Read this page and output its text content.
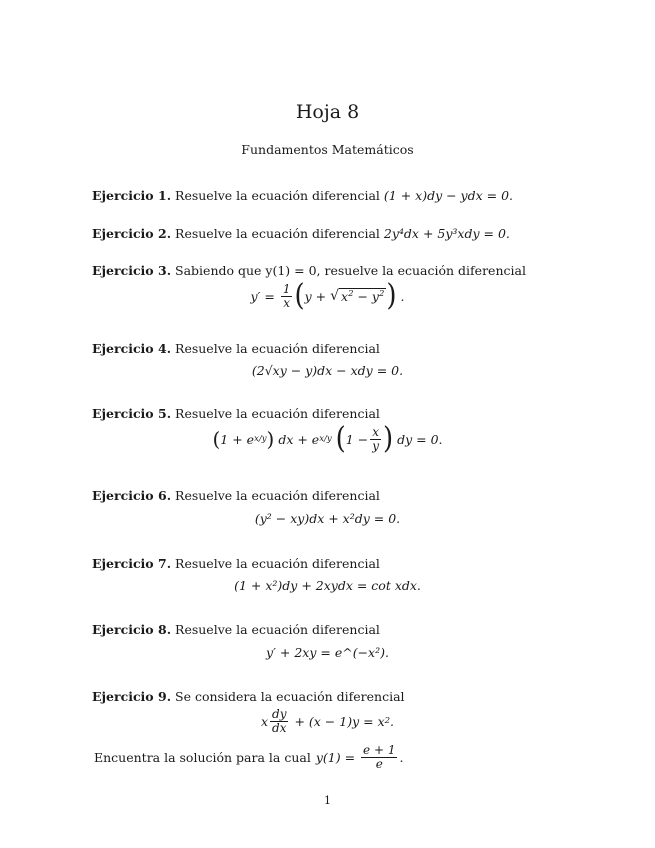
Hoja 8
Fundamentos Matemáticos
Ejercicio 1. Resuelve la ecuación diferencial (1 + x)dy − ydx = 0.
Ejercicio 2. Resuelve la ecuación diferencial 2y⁴dx + 5y³xdy = 0.
Ejercicio 3. Sabiendo que y(1) = 0, resuelve la ecuación diferencial
$y' = \frac{1}{x}$ ( y + √ $x^2 - y^2$ ) .
Ejercicio 4. Resuelve la ecuación diferencial
(2√xy − y)dx − xdy = 0.
Ejercicio 5. Resuelve la ecuación diferencial
( 1 + e x/y ) dx + e x/y
( $1 - \frac{x}{y}$ ) dy = 0.
Ejercicio 6. Resuelve la ecuación diferencial
(y² − xy)dx + x²dy = 0.
Ejercicio 7. Resuelve la ecuación diferencial
(1 + x²)dy + 2xydx = cot xdx.
Ejercicio 8. Resuelve la ecuación diferencial
y′ + 2xy = e^(−x²).
Ejercicio 9. Se considera la ecuación diferencial
x $\frac{dy}{dx} + (x - 1)y = x$ 2 .
Encuentra la solución para la cual $y(1) = \frac{e + 1}{e}$ .
1
